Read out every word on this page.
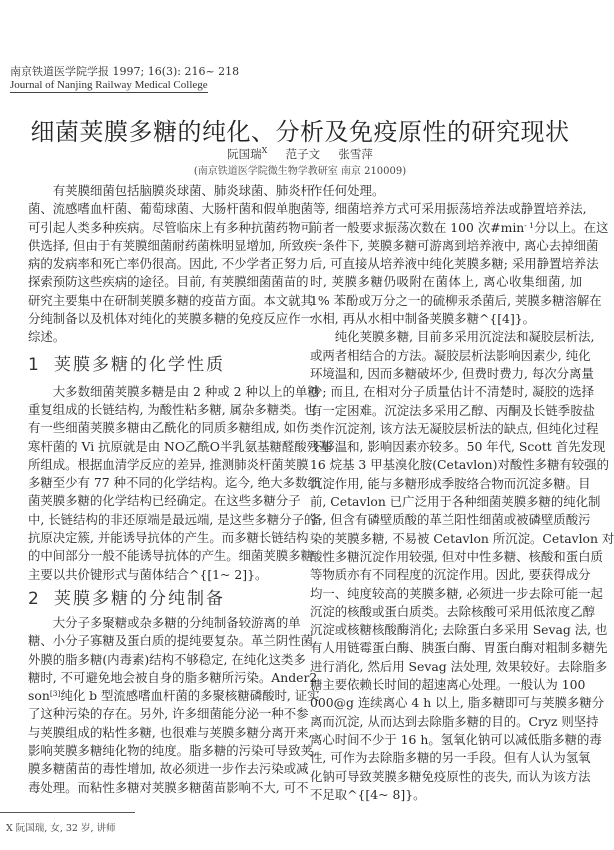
南京铁道医学院学报 1997; 16(3): 216~ 218
Journal of Nanjing Railway Medical College
细菌荚膜多糖的纯化、分析及免疫原性的研究现状
阮国瑞$^X$ 范子文 张雪萍
(南京铁道医学院微生物学教研室 南京 210009)
有荚膜细菌包括脑膜炎球菌、肺炎球菌、肺炎杆
菌、流感嗜血杆菌、葡萄球菌、大肠杆菌和假单胞菌等,
可引起人类多种疾病。尽管临床上有多种抗菌药物可
供选择, 但由于有荚膜细菌耐药菌株明显增加, 所致疾
病的发病率和死亡率仍很高。因此, 不少学者正努力
探索预防这些疾病的途径。目前, 有荚膜细菌菌苗的
研究主要集中在研制荚膜多糖的疫苗方面。本文就其
分纯制备以及机体对纯化的荚膜多糖的免疫反应作一
综述。
1 荚膜多糖的化学性质
大多数细菌荚膜多糖是由 2 种或 2 种以上的单糖
重复组成的长链结构, 为酸性粘多糖, 属杂多糖类。也
有一些细菌荚膜多糖由乙酰化的同质多糖组成, 如伤
寒杆菌的 Vi 抗原就是由 NO乙酰O半乳氨基糖醛酸残基
所组成。根据血清学反应的差异, 推测肺炎杆菌荚膜
多糖至少有 77 种不同的化学结构。迄今, 绝大多数细
菌荚膜多糖的化学结构已经确定。在这些多糖分子
中, 长链结构的非还原端是最远端, 是这些多糖分子的
抗原决定簇, 并能诱导抗体的产生。而多糖长链结构
的中间部分一般不能诱导抗体的产生。细菌荚膜多糖
主要以共价键形式与菌体结合^{[1~ 2]}。
2 荚膜多糖的分纯制备
大分子多聚糖或杂多糖的分纯制备较游离的单
糖、小分子寡糖及蛋白质的提纯要复杂。革兰阴性菌
外膜的脂多糖(内毒素)结构不够稳定, 在纯化这类多
糖时, 不可避免地会被自身的脂多糖所污染。Ander2
son[3]纯化 b 型流感嗜血杆菌的多聚核糖磷酸时, 证实
了这种污染的存在。另外, 许多细菌能分泌一种不参
与荚膜组成的粘性多糖, 也很难与荚膜多糖分离开来,
影响荚膜多糖纯化物的纯度。脂多糖的污染可导致荚
膜多糖菌苗的毒性增加, 故必须进一步作去污染或减
毒处理。而粘性多糖对荚膜多糖菌苗影响不大, 可不
作任何处理。
细菌培养方式可采用振荡培养法或静置培养法,
前者一般要求振荡次数在 100 次$\#\min^{- 1}$分以上。在这
一条件下, 荚膜多糖可游离到培养液中, 离心去掉细菌
后, 可直接从培养液中纯化荚膜多糖; 采用静置培养法
时, 荚膜多糖仍吸附在菌体上, 离心收集细菌, 加
1% 苯酚或万分之一的硫柳汞杀菌后, 荚膜多糖溶解在
水相, 再从水相中制备荚膜多糖^{[4]}。
纯化荚膜多糖, 目前多采用沉淀法和凝胶层析法,
或两者相结合的方法。凝胶层析法影响因素少, 纯化
环境温和, 因而多糖破坏少, 但费时费力, 每次分离量
少; 而且, 在相对分子质量估计不清楚时, 凝胶的选择
有一定困难。沉淀法多采用乙醇、丙酮及长链季胺盐
类作沉淀剂, 该方法无凝胶层析法的缺点, 但纯化过程
不够温和, 影响因素亦较多。50 年代, Scott 首先发现
16 烷基 3 甲基溴化胺(Cetavlon)对酸性多糖有较强的
沉淀作用, 能与多糖形成季胺络合物而沉淀多糖。目
前, Cetavlon 已广泛用于各种细菌荚膜多糖的纯化制
备, 但含有磷壁质酸的革兰阳性细菌或被磷壁质酸污
染的荚膜多糖, 不易被 Cetavlon 所沉淀。Cetavlon 对
酸性多糖沉淀作用较强, 但对中性多糖、核酸和蛋白质
等物质亦有不同程度的沉淀作用。因此, 要获得成分
均一、纯度较高的荚膜多糖, 必须进一步去除可能一起
沉淀的核酸或蛋白质类。去除核酸可采用低浓度乙醇
沉淀或核糖核酸酶消化; 去除蛋白多采用 Sevag 法, 也
有人用链霉蛋白酶、胰蛋白酶、胃蛋白酶对粗制多糖先
进行消化, 然后用 Sevag 法处理, 效果较好。去除脂多
糖主要依赖长时间的超速离心处理。一般认为 100
000@g 连续离心 4 h 以上, 脂多糖即可与荚膜多糖分
离而沉淀, 从而达到去除脂多糖的目的。Cryz 则坚持
离心时间不少于 16 h。氢氧化钠可以减低脂多糖的毒
性, 可作为去除脂多糖的另一手段。但有人认为氢氧
化钠可导致荚膜多糖免疫原性的丧失, 而认为该方法
不足取^{[4~ 8]}。
X 阮国瑞, 女, 32 岁, 讲师
